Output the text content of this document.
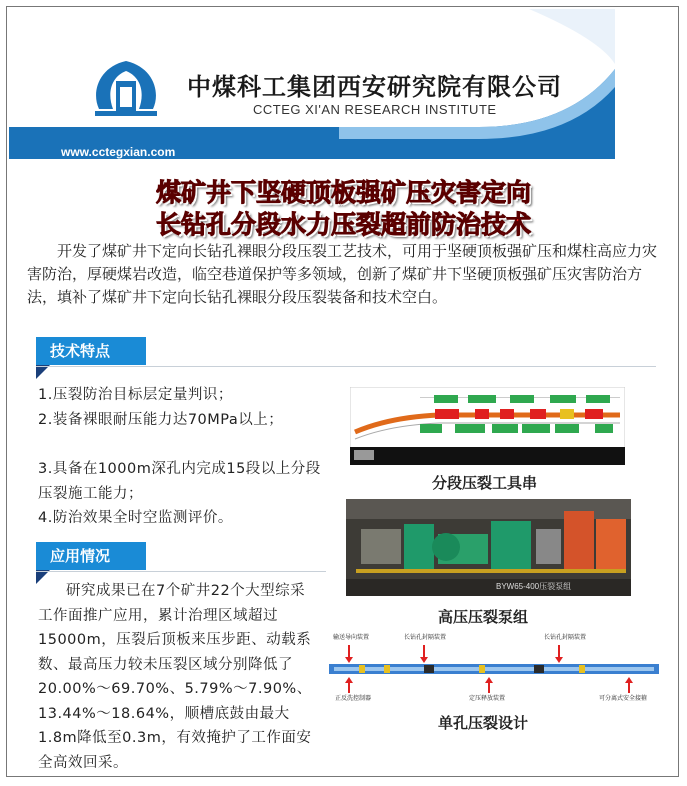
中煤科工集团西安研究院有限公司
CCTEG XI'AN RESEARCH INSTITUTE
www.cctegxian.com
煤矿井下坚硬顶板强矿压灾害定向
长钻孔分段水力压裂超前防治技术
开发了煤矿井下定向长钻孔裸眼分段压裂工艺技术，可用于坚硬顶板强矿压和煤柱高应力灾害防治，厚硬煤岩改造，临空巷道保护等多领域，创新了煤矿井下坚硬顶板强矿压灾害防治方法，填补了煤矿井下定向长钻孔裸眼分段压裂装备和技术空白。
技术特点
1.压裂防治目标层定量判识；
2.装备裸眼耐压能力达70MPa以上；
3.具备在1000m深孔内完成15段以上分段压裂施工能力；
4.防治效果全时空监测评价。
分段压裂工具串
BYW65-400压裂泵组
高压压裂泵组
输送导向装置	长钻孔封隔装置	长钻孔封隔装置
正反洗控制器	定压释放装置	可分离式安全接箍
单孔压裂设计
应用情况
研究成果已在7个矿井22个大型综采工作面推广应用，累计治理区域超过15000m，压裂后顶板来压步距、动载系数、最高压力较未压裂区域分别降低了20.00%～69.70%、5.79%～7.90%、13.44%～18.64%，顺槽底鼓由最大1.8m降低至0.3m，有效掩护了工作面安全高效回采。
